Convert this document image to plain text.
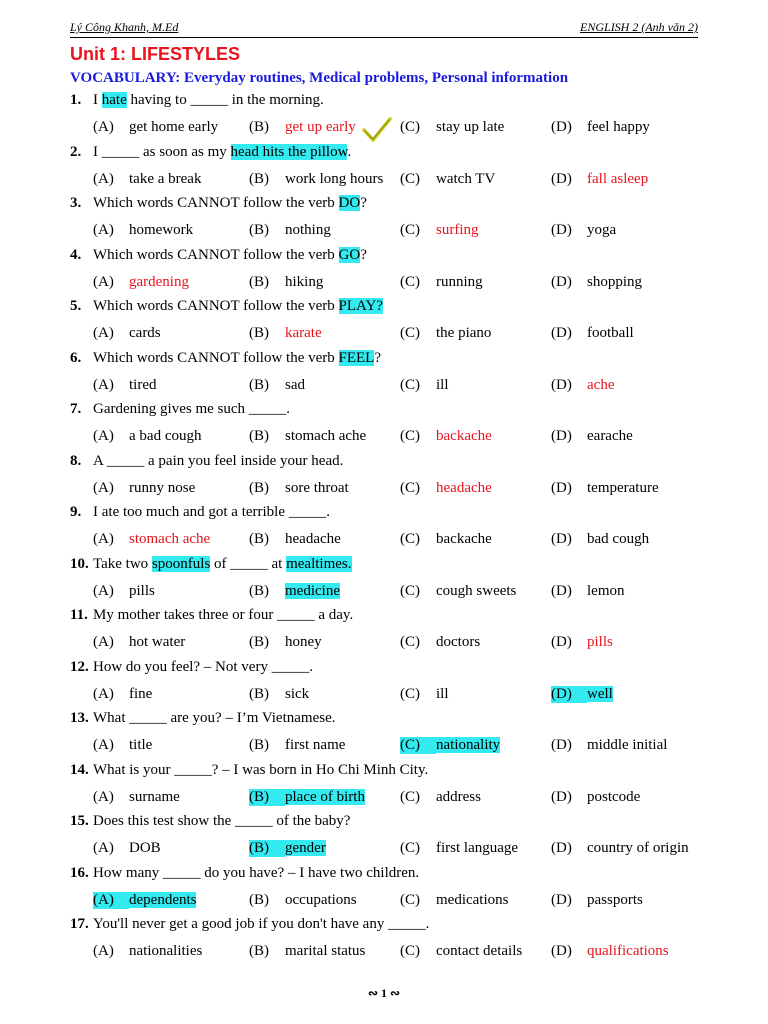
Lý Công Khanh, M.Ed	ENGLISH 2 (Anh văn 2)
Unit 1: LIFESTYLES
VOCABULARY: Everyday routines, Medical problems, Personal information
1. I hate having to _____ in the morning.
(A) get home early (B) get up early	(C) stay up late	(D) feel happy
2. I _____ as soon as my head hits the pillow.
(A) take a break	(B) work long hours (C) watch TV	(D) fall asleep
3. Which words CANNOT follow the verb DO?
(A) homework	(B) nothing	(C) surfing	(D) yoga
4. Which words CANNOT follow the verb GO?
(A) gardening	(B) hiking	(C) running	(D) shopping
5. Which words CANNOT follow the verb PLAY?
(A) cards	(B) karate	(C) the piano	(D) football
6. Which words CANNOT follow the verb FEEL?
(A) tired	(B) sad	(C) ill	(D) ache
7. Gardening gives me such _____.
(A) a bad cough	(B) stomach ache (C) backache	(D) earache
8. A _____ a pain you feel inside your head.
(A) runny nose	(B) sore throat	(C) headache	(D) temperature
9. I ate too much and got a terrible _____.
(A) stomach ache	(B) headache	(C) backache	(D) bad cough
10. Take two spoonfuls of _____ at mealtimes.
(A) pills	(B) medicine	(C) cough sweets (D) lemon
11. My mother takes three or four _____ a day.
(A) hot water	(B) honey	(C) doctors	(D) pills
12. How do you feel? – Not very _____.
(A) fine	(B) sick	(C) ill	(D) well
13. What _____ are you? – I’m Vietnamese.
(A) title	(B) first name	(C) nationality	(D) middle initial
14. What is your _____? – I was born in Ho Chi Minh City.
(A) surname	(B) place of birth (C) address	(D) postcode
15. Does this test show the _____ of the baby?
(A) DOB	(B) gender	(C) first language (D) country of origin
16. How many _____ do you have? – I have two children.
(A) dependents	(B) occupations	(C) medications	(D) passports
17. You'll never get a good job if you don't have any _____.
(A) nationalities	(B) marital status (C) contact details (D) qualifications
∾ 1 ∾
